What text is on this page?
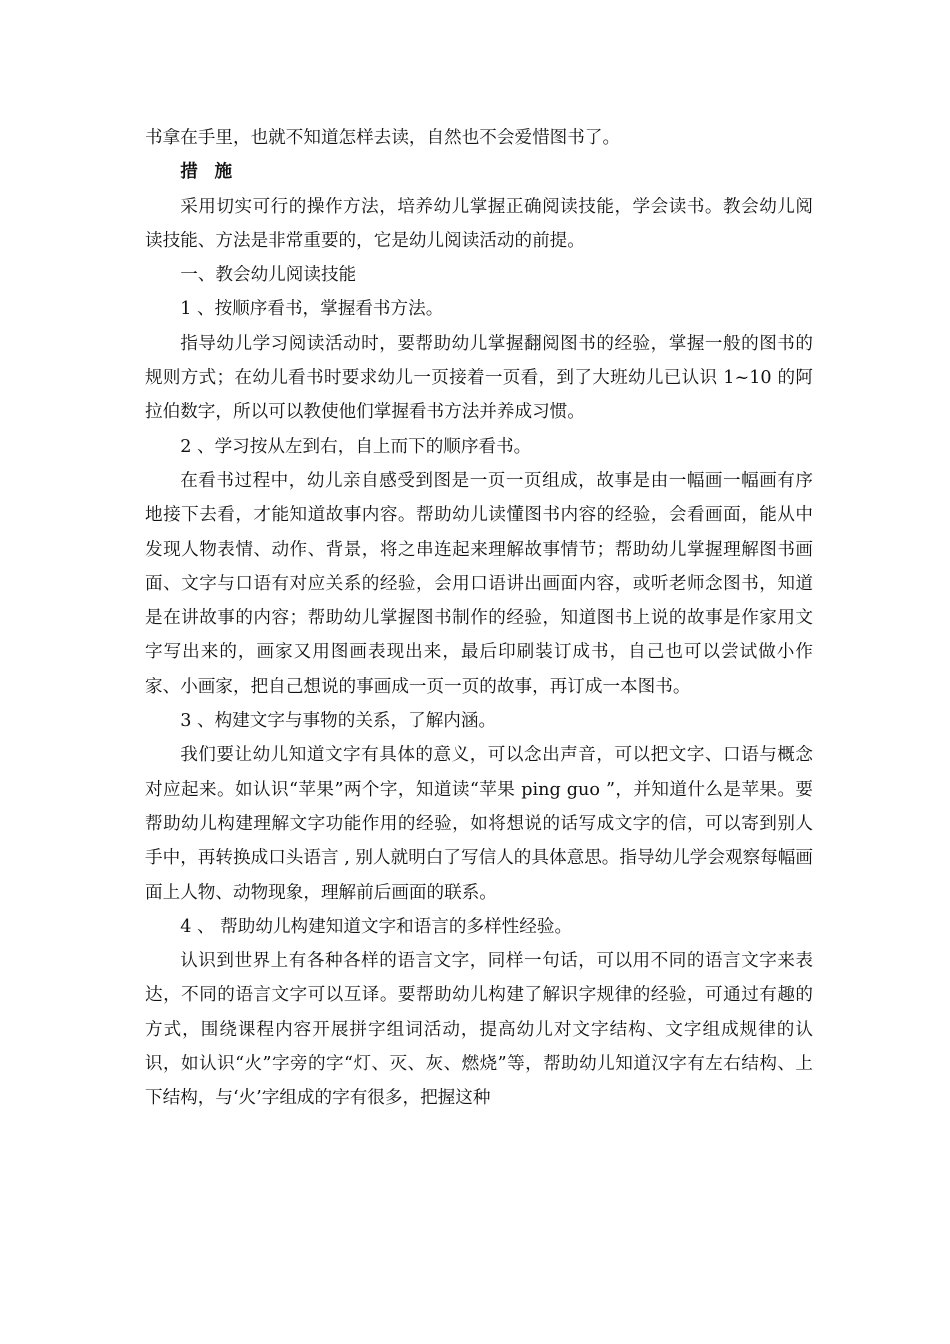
书拿在手里，也就不知道怎样去读，自然也不会爱惜图书了。

措 施

采用切实可行的操作方法，培养幼儿掌握正确阅读技能，学会读书。教会幼儿阅读技能、方法是非常重要的，它是幼儿阅读活动的前提。

一、教会幼儿阅读技能

1 、按顺序看书，掌握看书方法。

指导幼儿学习阅读活动时，要帮助幼儿掌握翻阅图书的经验，掌握一般的图书的规则方式；在幼儿看书时要求幼儿一页接着一页看，到了大班幼儿已认识 1~10 的阿拉伯数字，所以可以教使他们掌握看书方法并养成习惯。

2 、学习按从左到右，自上而下的顺序看书。

在看书过程中，幼儿亲自感受到图是一页一页组成，故事是由一幅画一幅画有序地接下去看，才能知道故事内容。帮助幼儿读懂图书内容的经验，会看画面，能从中发现人物表情、动作、背景，将之串连起来理解故事情节；帮助幼儿掌握理解图书画面、文字与口语有对应关系的经验，会用口语讲出画面内容，或听老师念图书，知道是在讲故事的内容；帮助幼儿掌握图书制作的经验，知道图书上说的故事是作家用文字写出来的，画家又用图画表现出来，最后印刷装订成书，自己也可以尝试做小作家、小画家，把自己想说的事画成一页一页的故事，再订成一本图书。

3 、构建文字与事物的关系，了解内涵。

我们要让幼儿知道文字有具体的意义，可以念出声音，可以把文字、口语与概念对应起来。如认识“苹果”两个字，知道读“苹果 ping guo ”，并知道什么是苹果。要帮助幼儿构建理解文字功能作用的经验，如将想说的话写成文字的信，可以寄到别人手中，再转换成口头语言 , 别人就明白了写信人的具体意思。指导幼儿学会观察每幅画面上人物、动物现象，理解前后画面的联系。

4 、 帮助幼儿构建知道文字和语言的多样性经验。

认识到世界上有各种各样的语言文字，同样一句话，可以用不同的语言文字来表达，不同的语言文字可以互译。要帮助幼儿构建了解识字规律的经验，可通过有趣的方式，围绕课程内容开展拼字组词活动，提高幼儿对文字结构、文字组成规律的认识，如认识“火”字旁的字“灯、灭、灰、燃烧”等，帮助幼儿知道汉字有左右结构、上下结构，与‘火’字组成的字有很多，把握这种
